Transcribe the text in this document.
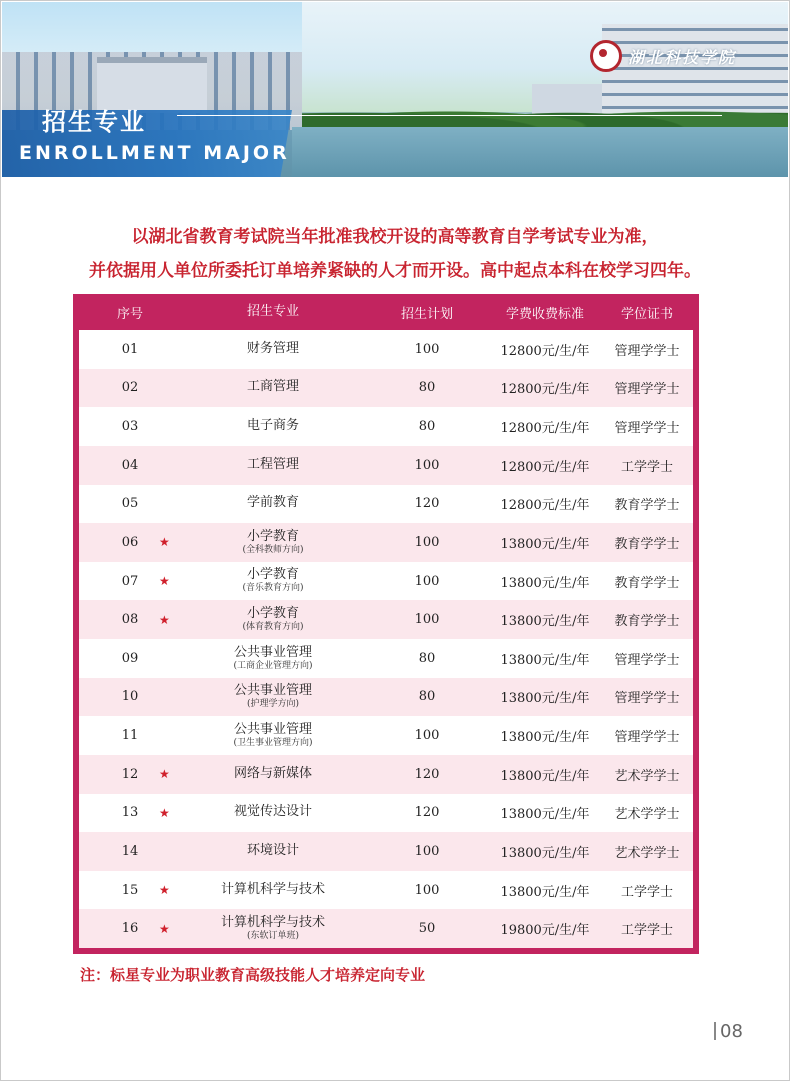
招生专业
ENROLLMENT MAJOR
湖北科技学院
以湖北省教育考试院当年批准我校开设的高等教育自学考试专业为准，
并依据用人单位所委托订单培养紧缺的人才而开设。高中起点本科在校学习四年。
序号	招生专业	招生计划	学费收费标准	学位证书
01	财务管理	100	12800元/生/年	管理学学士
02	工商管理	80	12800元/生/年	管理学学士
03	电子商务	80	12800元/生/年	管理学学士
04	工程管理	100	12800元/生/年	工学学士
05	学前教育	120	12800元/生/年	教育学学士
06 ★	小学教育
(全科教师方向)	100	13800元/生/年	教育学学士
07 ★	小学教育
(音乐教育方向)	100	13800元/生/年	教育学学士
08 ★	小学教育
(体育教育方向)	100	13800元/生/年	教育学学士
09	公共事业管理
(工商企业管理方向)	80	13800元/生/年	管理学学士
10	公共事业管理
(护理学方向)	80	13800元/生/年	管理学学士
11	公共事业管理
(卫生事业管理方向)	100	13800元/生/年	管理学学士
12 ★	网络与新媒体	120	13800元/生/年	艺术学学士
13 ★	视觉传达设计	120	13800元/生/年	艺术学学士
14	环境设计	100	13800元/生/年	艺术学学士
15 ★	计算机科学与技术	100	13800元/生/年	工学学士
16 ★	计算机科学与技术
(东软订单班)	50	19800元/生/年	工学学士
注：标星专业为职业教育高级技能人才培养定向专业
08
